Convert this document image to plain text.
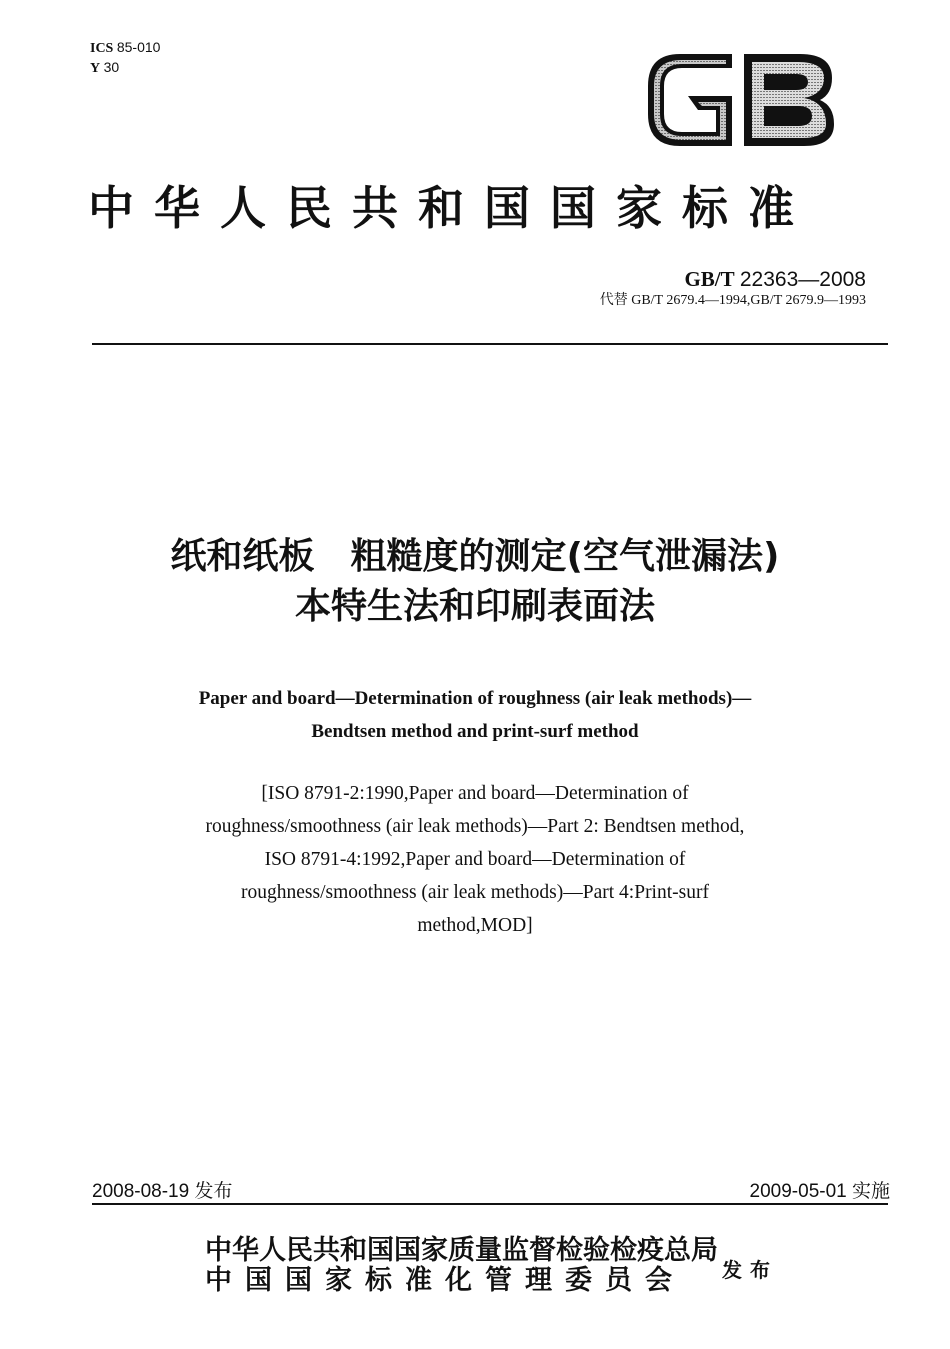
ICS 85-010
Y 30
中华人民共和国国家标准
GB/T 22363—2008
代替 GB/T 2679.4—1994,GB/T 2679.9—1993
纸和纸板　粗糙度的测定(空气泄漏法)
本特生法和印刷表面法
Paper and board—Determination of roughness (air leak methods)—
Bendtsen method and print-surf method
[ISO 8791-2:1990,Paper and board—Determination of
roughness/smoothness (air leak methods)—Part 2: Bendtsen method,
ISO 8791-4:1992,Paper and board—Determination of
roughness/smoothness (air leak methods)—Part 4:Print-surf
method,MOD]
2008-08-19 发布	2009-05-01 实施
中华人民共和国国家质量监督检验检疫总局
中国国家标准化管理委员会	发布
